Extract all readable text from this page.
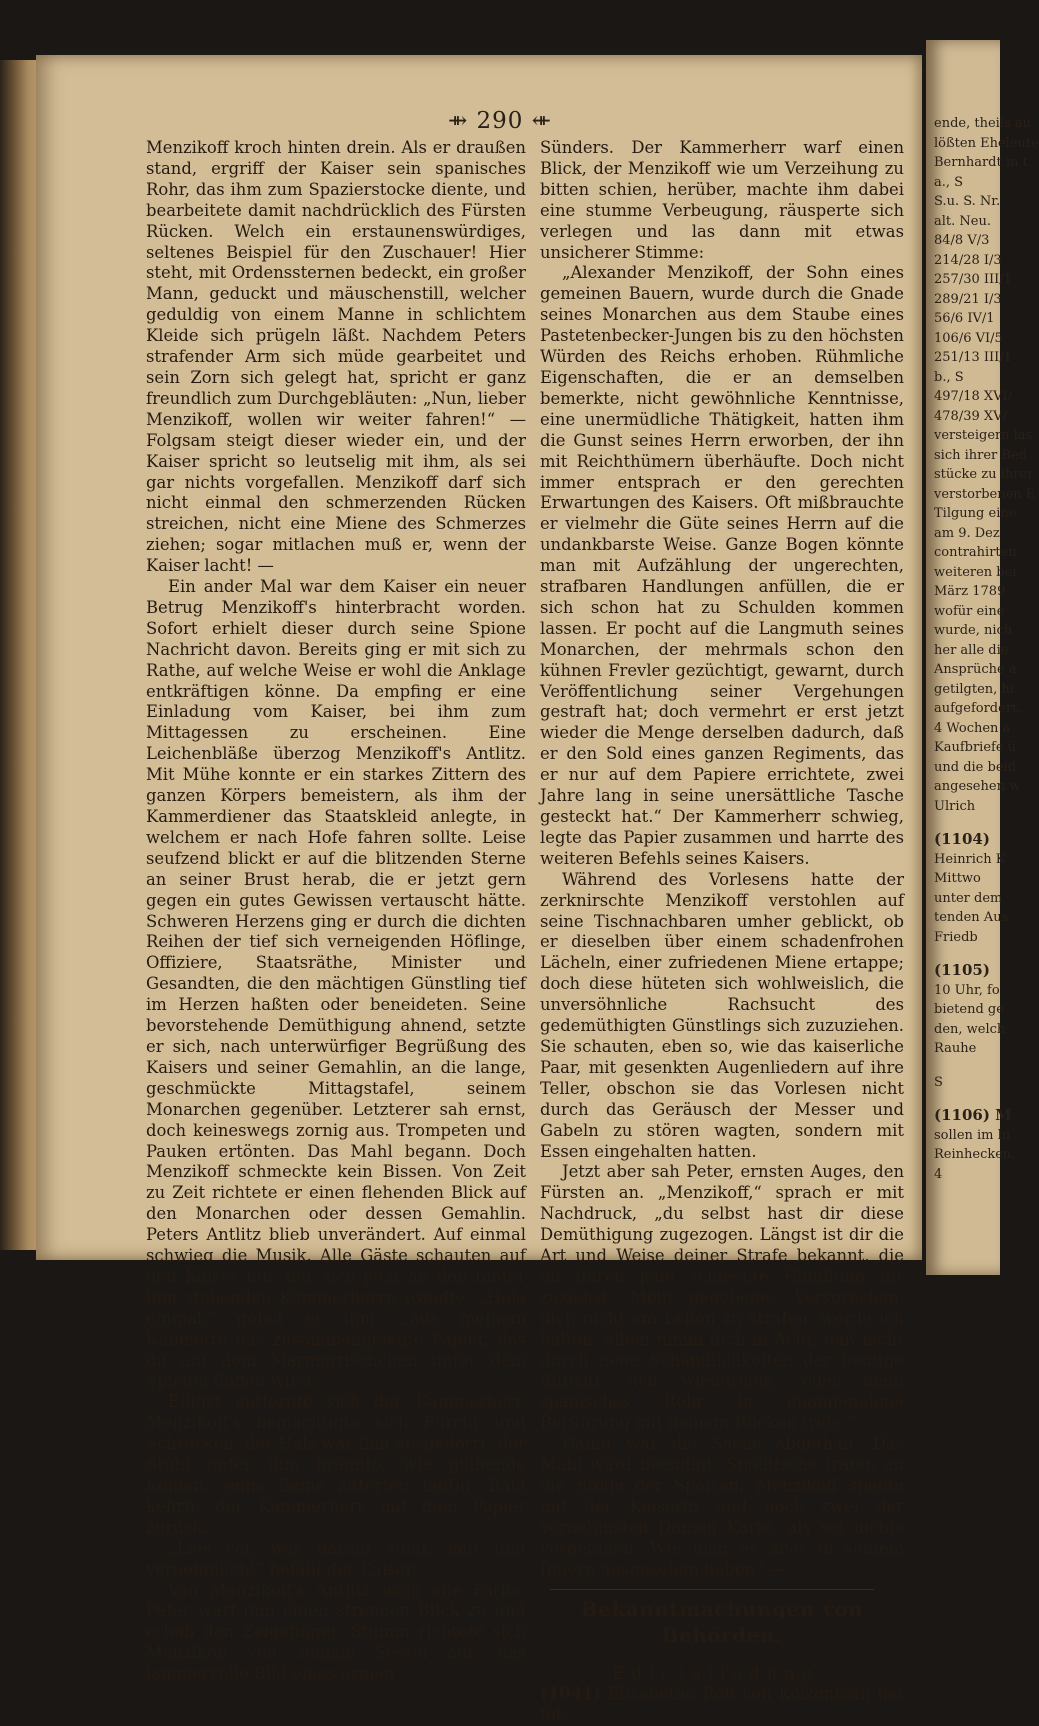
ende, theils au
lößten Eheleute
Bernhardt in t
a., S
S.u. S. Nr.
alt. Neu.
84/8 V/3
214/28 I/3
257/30 III/1
289/21 I/3
56/6 IV/1
106/6 VI/5
251/13 III/1
b., S
497/18 XVI/
478/39 XV/
versteigern las
sich ihrer Bed
stücke zu ihrer
verstorbenen E
Tilgung eine
am 9. Dez
contrahirten
weiteren bei
März 1789
wofür eine
wurde, nich
her alle die
Ansprüche a
getilgten, hi
aufgefordert,
4 Wochen a
Kaufbriefe ü
und die beid
angesehen w
Ulrich
(1104)
Heinrich K
Mittwo
unter dem
tenden Aus
Friedb
(1105)
10 Uhr, fo
bietend ge
den, welch
Rauhe
S
(1106) M
sollen im hi
Reinhecken,
4
⇻ 290 ⇺

Menzikoff kroch hinten drein. Als er draußen stand, ergriff der Kaiser sein spanisches Rohr, das ihm zum Spazierstocke diente, und bearbeitete damit nachdrücklich des Fürsten Rücken. Welch ein erstaunenswürdiges, seltenes Beispiel für den Zuschauer! Hier steht, mit Ordenssternen bedeckt, ein großer Mann, geduckt und mäuschenstill, welcher geduldig von einem Manne in schlichtem Kleide sich prügeln läßt. Nachdem Peters strafender Arm sich müde gearbeitet und sein Zorn sich gelegt hat, spricht er ganz freundlich zum Durchgebläuten: „Nun, lieber Menzikoff, wollen wir weiter fahren!“ — Folgsam steigt dieser wieder ein, und der Kaiser spricht so leutselig mit ihm, als sei gar nichts vorgefallen. Menzikoff darf sich nicht einmal den schmerzenden Rücken streichen, nicht eine Miene des Schmerzes ziehen; sogar mitlachen muß er, wenn der Kaiser lacht! —

Ein ander Mal war dem Kaiser ein neuer Betrug Menzikoff's hinterbracht worden. Sofort erhielt dieser durch seine Spione Nachricht davon. Bereits ging er mit sich zu Rathe, auf welche Weise er wohl die Anklage entkräftigen könne. Da empfing er eine Einladung vom Kaiser, bei ihm zum Mittagessen zu erscheinen. Eine Leichenbläße überzog Menzikoff's Antlitz. Mit Mühe konnte er ein starkes Zittern des ganzen Körpers bemeistern, als ihm der Kammerdiener das Staatskleid anlegte, in welchem er nach Hofe fahren sollte. Leise seufzend blickt er auf die blitzenden Sterne an seiner Brust herab, die er jetzt gern gegen ein gutes Gewissen vertauscht hätte. Schweren Herzens ging er durch die dichten Reihen der tief sich verneigenden Höflinge, Offiziere, Staatsräthe, Minister und Gesandten, die den mächtigen Günstling tief im Herzen haßten oder beneideten. Seine bevorstehende Demüthigung ahnend, setzte er sich, nach unterwürfiger Begrüßung des Kaisers und seiner Gemahlin, an die lange, geschmückte Mittagstafel, seinem Monarchen gegenüber. Letzterer sah ernst, doch keineswegs zornig aus. Trompeten und Pauken ertönten. Das Mahl begann. Doch Menzikoff schmeckte kein Bissen. Von Zeit zu Zeit richtete er einen flehenden Blick auf den Monarchen oder dessen Gemahlin. Peters Antlitz blieb unverändert. Auf einmal schwieg die Musik. Alle Gäste schauten auf den Kaiser hin, der sich jetzt an den hinter ihm stehenden Kammerherrn wandte. „Hole einmal,“ gebot er ihm, „aus meinem Kabinette das zusammengelegte Papier, das du auf dem Marmortischchen unter dem Spiegel finden wirst.“

Eiligst entfernte sich der Kammerherr. Menzikoff's bemächtigte sich Furcht und Schrecken; der Hals war ihm ausgedörrt; der Stuhl unter ihm brannte, wie glühende Kohlen; seine Beine zitterten heftig. Bald kehrte der Kammerherr mit dem Papier zurück.

„Lies vor, was darauf steht, laut und vernehmlich!“ befahl der Kaiser.

Von Menzikoff's Antlitz wich alle Farbe. Peter warf ihm einen strengen Blick zu und erhob den Zeigefinger. Stumm richtete sich Menzikoff von seinem Sessel auf, das jammervolle Bild eines armen

Sünders. Der Kammerherr warf einen Blick, der Menzikoff wie um Verzeihung zu bitten schien, herüber, machte ihm dabei eine stumme Verbeugung, räusperte sich verlegen und las dann mit etwas unsicherer Stimme:

„Alexander Menzikoff, der Sohn eines gemeinen Bauern, wurde durch die Gnade seines Monarchen aus dem Staube eines Pastetenbecker-Jungen bis zu den höchsten Würden des Reichs erhoben. Rühmliche Eigenschaften, die er an demselben bemerkte, nicht gewöhnliche Kenntnisse, eine unermüdliche Thätigkeit, hatten ihm die Gunst seines Herrn erworben, der ihn mit Reichthümern überhäufte. Doch nicht immer entsprach er den gerechten Erwartungen des Kaisers. Oft mißbrauchte er vielmehr die Güte seines Herrn auf die undankbarste Weise. Ganze Bogen könnte man mit Aufzählung der ungerechten, strafbaren Handlungen anfüllen, die er sich schon hat zu Schulden kommen lassen. Er pocht auf die Langmuth seines Monarchen, der mehrmals schon den kühnen Frevler gezüchtigt, gewarnt, durch Veröffentlichung seiner Vergehungen gestraft hat; doch vermehrt er erst jetzt wieder die Menge derselben dadurch, daß er den Sold eines ganzen Regiments, das er nur auf dem Papiere errichtete, zwei Jahre lang in seine unersättliche Tasche gesteckt hat.“ Der Kammerherr schwieg, legte das Papier zusammen und harrte des weiteren Befehls seines Kaisers.

Während des Vorlesens hatte der zerknirschte Menzikoff verstohlen auf seine Tischnachbaren umher geblickt, ob er dieselben über einem schadenfrohen Lächeln, einer zufriedenen Miene ertappe; doch diese hüteten sich wohlweislich, die unversöhnliche Rachsucht des gedemüthigten Günstlings sich zuzuziehen. Sie schauten, eben so, wie das kaiserliche Paar, mit gesenkten Augenliedern auf ihre Teller, obschon sie das Vorlesen nicht durch das Geräusch der Messer und Gabeln zu stören wagten, sondern mit Essen eingehalten hatten.

Jetzt aber sah Peter, ernsten Auges, den Fürsten an. „Menzikoff,“ sprach er mit Nachdruck, „du selbst hast dir diese Demüthigung zugezogen. Längst ist dir die Art und Weise deiner Strafe bekannt, die du durch jede schlechte Handlung dir zuziehst. Mein gegebenes Versprechen, dich nicht am Leben zu strafen, werde ich halten; allein nimm dich in Acht, daß nicht durch neue Schändlichkeiten der heutige Auftritt sich wiederhole, oder mein spanisches Rohr in unangenehme Berührung mit deinem Rücken trete.“

Damit war die Sache abgethan. Das Mahl ward beendigt; Spieltische traten an die Stelle der Speisen; Menzikoff spielte mit der Kaiserin und noch zwei der vornehmsten Damen Karte, als sei nichts vorgefallen. Wie mag es aber in seinem Innern ausgesehen haben? —

Bekanntmachungen von Behörden.
〰〰〰
Edictalladung.

(1041) Elisabethe Roß von Kölzenhain hat fol-
